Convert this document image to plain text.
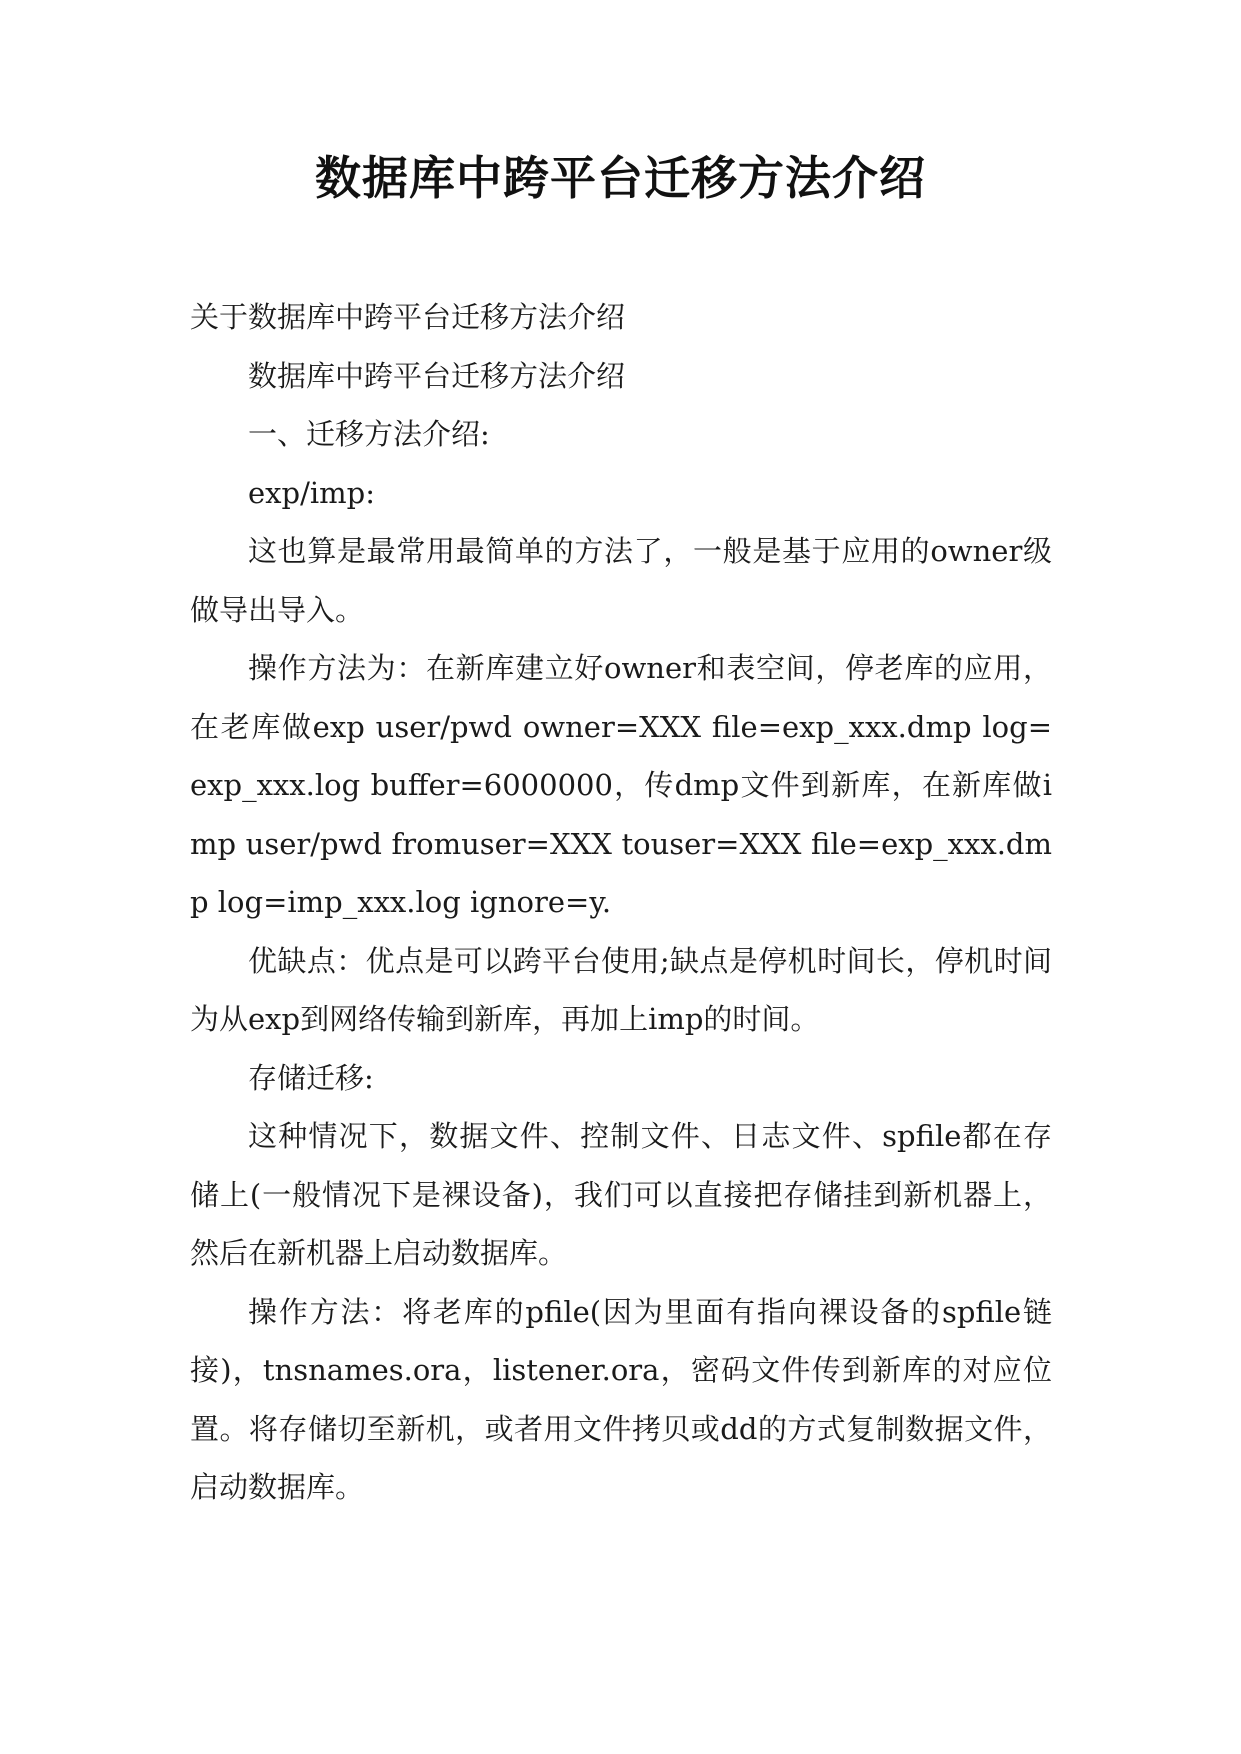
数据库中跨平台迁移方法介绍

关于数据库中跨平台迁移方法介绍

数据库中跨平台迁移方法介绍

一、迁移方法介绍:

exp/imp:

这也算是最常用最简单的方法了，一般是基于应用的owner级做导出导入。

操作方法为：在新库建立好owner和表空间，停老库的应用，在老库做exp user/pwd owner=XXX file=exp_xxx.dmp log=exp_xxx.log buffer=6000000，传dmp文件到新库，在新库做imp user/pwd fromuser=XXX touser=XXX file=exp_xxx.dmp log=imp_xxx.log ignore=y.

优缺点：优点是可以跨平台使用;缺点是停机时间长，停机时间为从exp到网络传输到新库，再加上imp的时间。

存储迁移:

这种情况下，数据文件、控制文件、日志文件、spfile都在存储上(一般情况下是裸设备)，我们可以直接把存储挂到新机器上，然后在新机器上启动数据库。

操作方法：将老库的pfile(因为里面有指向裸设备的spfile链接)，tnsnames.ora，listener.ora，密码文件传到新库的对应位置。将存储切至新机，或者用文件拷贝或dd的方式复制数据文件，启动数据库。
